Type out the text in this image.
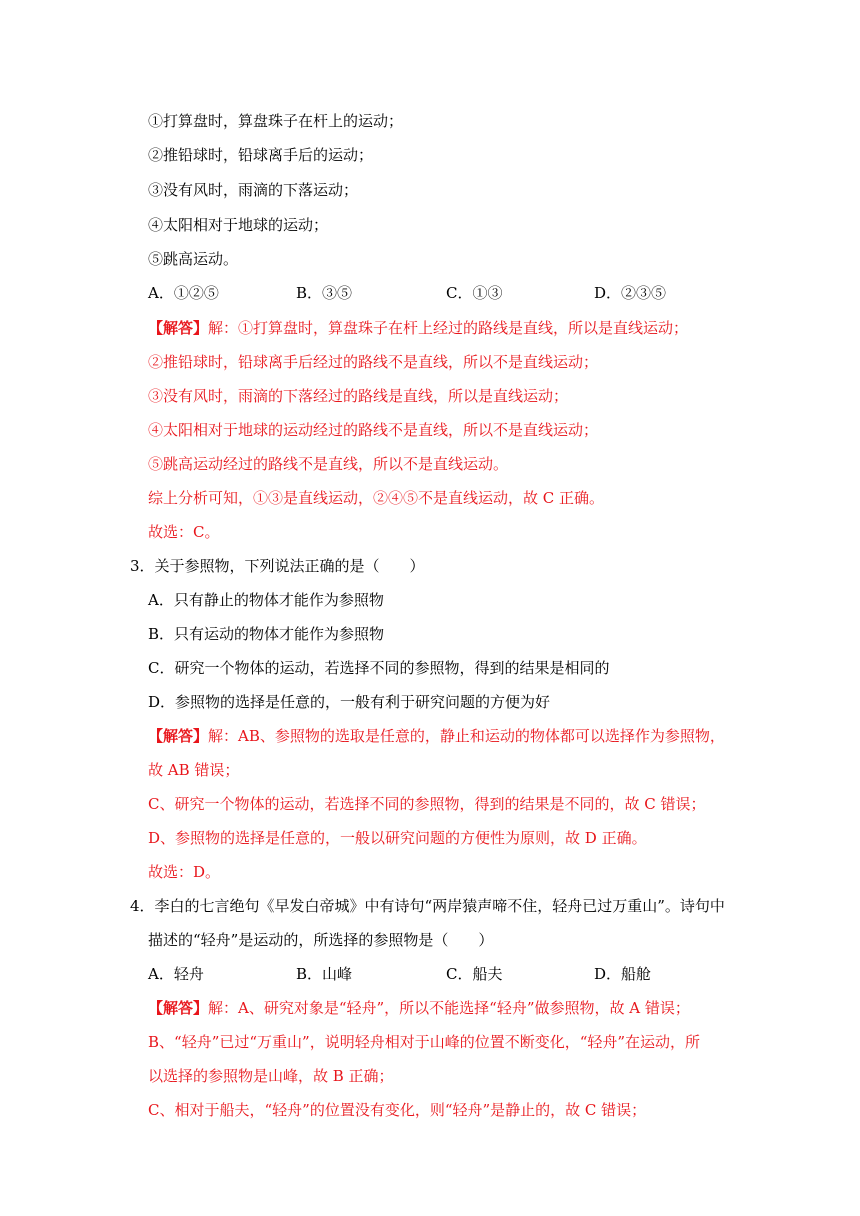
①打算盘时，算盘珠子在杆上的运动；
②推铅球时，铅球离手后的运动；
③没有风时，雨滴的下落运动；
④太阳相对于地球的运动；
⑤跳高运动。
A．①②⑤	B．③⑤	C．①③	D．②③⑤
【解答】解：①打算盘时，算盘珠子在杆上经过的路线是直线，所以是直线运动；
②推铅球时，铅球离手后经过的路线不是直线，所以不是直线运动；
③没有风时，雨滴的下落经过的路线是直线，所以是直线运动；
④太阳相对于地球的运动经过的路线不是直线，所以不是直线运动；
⑤跳高运动经过的路线不是直线，所以不是直线运动。
综上分析可知，①③是直线运动，②④⑤不是直线运动，故 C 正确。
故选：C。
3．关于参照物，下列说法正确的是（　　）
A．只有静止的物体才能作为参照物
B．只有运动的物体才能作为参照物
C．研究一个物体的运动，若选择不同的参照物，得到的结果是相同的
D．参照物的选择是任意的，一般有利于研究问题的方便为好
【解答】解：AB、参照物的选取是任意的，静止和运动的物体都可以选择作为参照物，
故 AB 错误；
C、研究一个物体的运动，若选择不同的参照物，得到的结果是不同的，故 C 错误；
D、参照物的选择是任意的，一般以研究问题的方便性为原则，故 D 正确。
故选：D。
4．李白的七言绝句《早发白帝城》中有诗句“两岸猿声啼不住，轻舟已过万重山”。诗句中
描述的“轻舟”是运动的，所选择的参照物是（　　）
A．轻舟	B．山峰	C．船夫	D．船舱
【解答】解：A、研究对象是“轻舟”，所以不能选择“轻舟”做参照物，故 A 错误；
B、“轻舟”已过“万重山”，说明轻舟相对于山峰的位置不断变化，“轻舟”在运动，所
以选择的参照物是山峰，故 B 正确；
C、相对于船夫，“轻舟”的位置没有变化，则“轻舟”是静止的，故 C 错误；
